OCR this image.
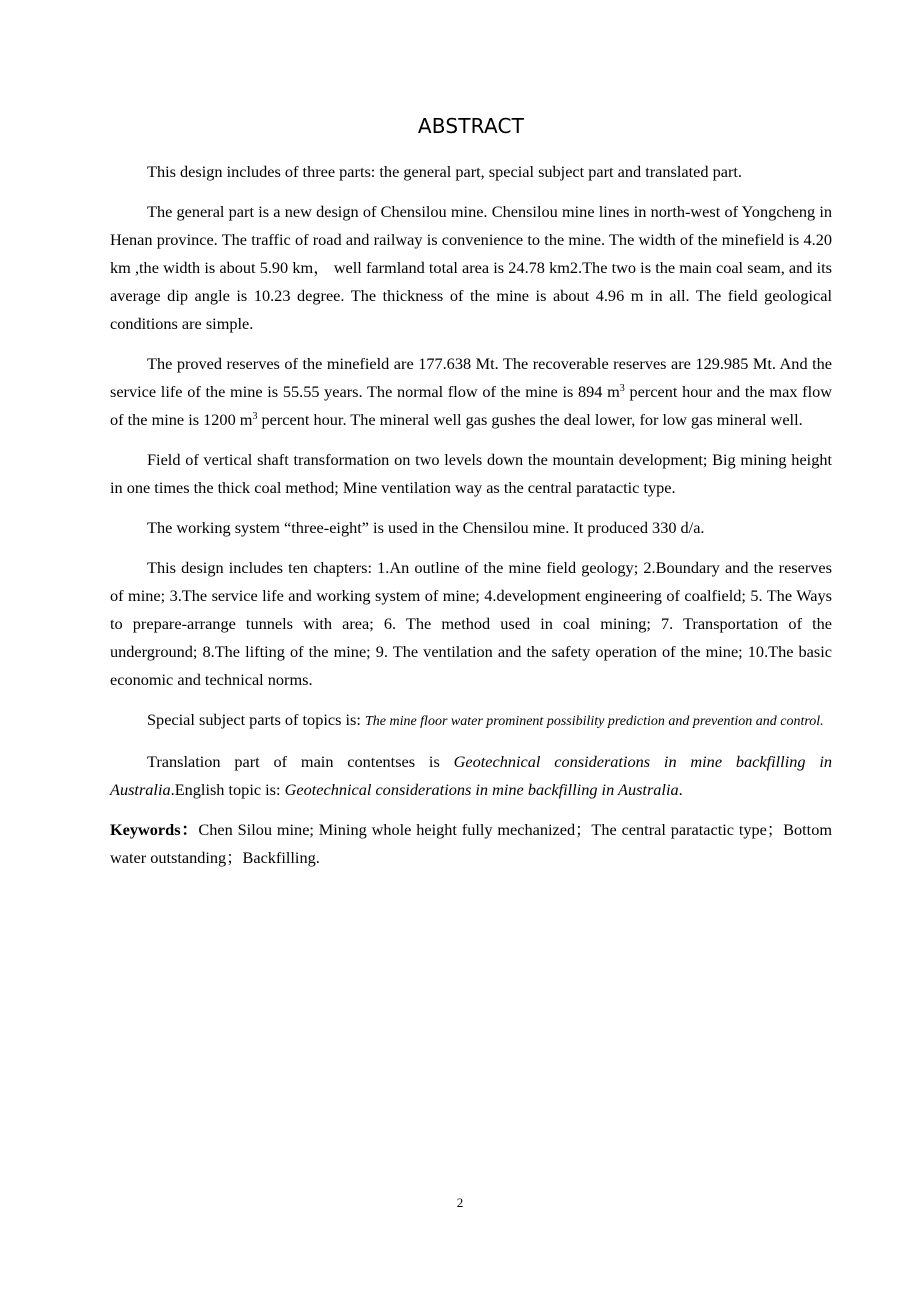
ABSTRACT

This design includes of three parts: the general part, special subject part and translated part.

The general part is a new design of Chensilou mine. Chensilou mine lines in north-west of Yongcheng in Henan province. The traffic of road and railway is convenience to the mine. The width of the minefield is 4.20 km ,the width is about 5.90 km， well farmland total area is 24.78 km2.The two is the main coal seam, and its average dip angle is 10.23 degree. The thickness of the mine is about 4.96 m in all. The field geological conditions are simple.

The proved reserves of the minefield are 177.638 Mt. The recoverable reserves are 129.985 Mt. And the service life of the mine is 55.55 years. The normal flow of the mine is 894 $m^3$ percent hour and the max flow of the mine is 1200 $m^3$ percent hour. The mineral well gas gushes the deal lower, for low gas mineral well.

Field of vertical shaft transformation on two levels down the mountain development; Big mining height in one times the thick coal method; Mine ventilation way as the central paratactic type.

The working system “three-eight” is used in the Chensilou mine. It produced 330 d/a.

This design includes ten chapters: 1.An outline of the mine field geology; 2.Boundary and the reserves of mine; 3.The service life and working system of mine; 4.development engineering of coalfield; 5. The Ways to prepare-arrange tunnels with area; 6. The method used in coal mining; 7. Transportation of the underground; 8.The lifting of the mine; 9. The ventilation and the safety operation of the mine; 10.The basic economic and technical norms.

Special subject parts of topics is: The mine floor water prominent possibility prediction and prevention and control.

Translation part of main contentses is Geotechnical considerations in mine backfilling in Australia.English topic is: Geotechnical considerations in mine backfilling in Australia.

Keywords：Chen Silou mine; Mining whole height fully mechanized；The central paratactic type；Bottom water outstanding；Backfilling.

2
